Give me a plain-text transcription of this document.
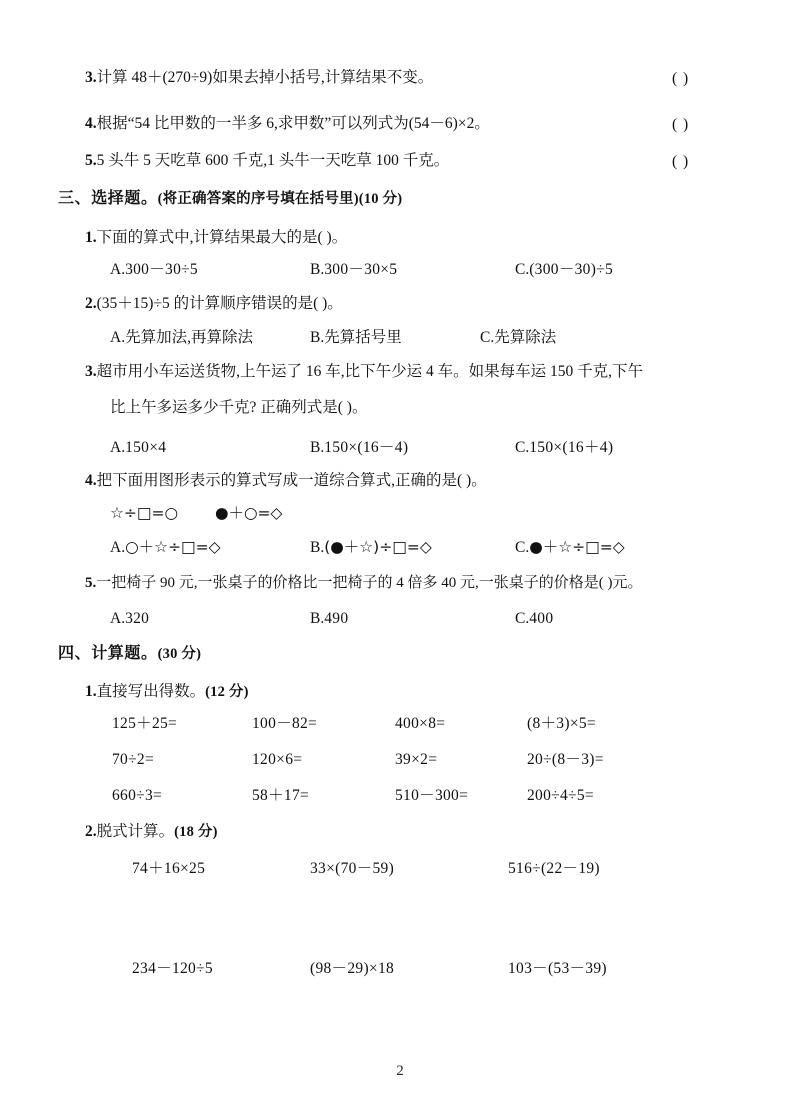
3.计算 48＋(270÷9)如果去掉小括号,计算结果不变。	( )
4.根据“54 比甲数的一半多 6,求甲数”可以列式为(54－6)×2。	( )
5.5 头牛 5 天吃草 600 千克,1 头牛一天吃草 100 千克。	( )
三、选择题。(将正确答案的序号填在括号里)(10 分)
1.下面的算式中,计算结果最大的是( )。
A.300－30÷5	B.300－30×5	C.(300－30)÷5
2.(35＋15)÷5 的计算顺序错误的是( )。
A.先算加法,再算除法	B.先算括号里	C.先算除法
3.超市用小车运送货物,上午运了 16 车,比下午少运 4 车。如果每车运 150 千克,下午
比上午多运多少千克? 正确列式是( )。
A.150×4	B.150×(16－4)	C.150×(16＋4)
4.把下面用图形表示的算式写成一道综合算式,正确的是( )。
☆÷□=○ ●＋○=◇
A.○＋☆÷□=◇	B.(●＋☆)÷□=◇	C.●＋☆÷□=◇
5.一把椅子 90 元,一张桌子的价格比一把椅子的 4 倍多 40 元,一张桌子的价格是( )元。
A.320	B.490	C.400
四、计算题。(30 分)
1.直接写出得数。(12 分)
125＋25=	100－82=	400×8=	(8＋3)×5=
70÷2=	120×6=	39×2=	20÷(8－3)=
660÷3=	58＋17=	510－300=	200÷4÷5=
2.脱式计算。(18 分)
74＋16×25	33×(70－59)	516÷(22－19)
234－120÷5	(98－29)×18	103－(53－39)
2
